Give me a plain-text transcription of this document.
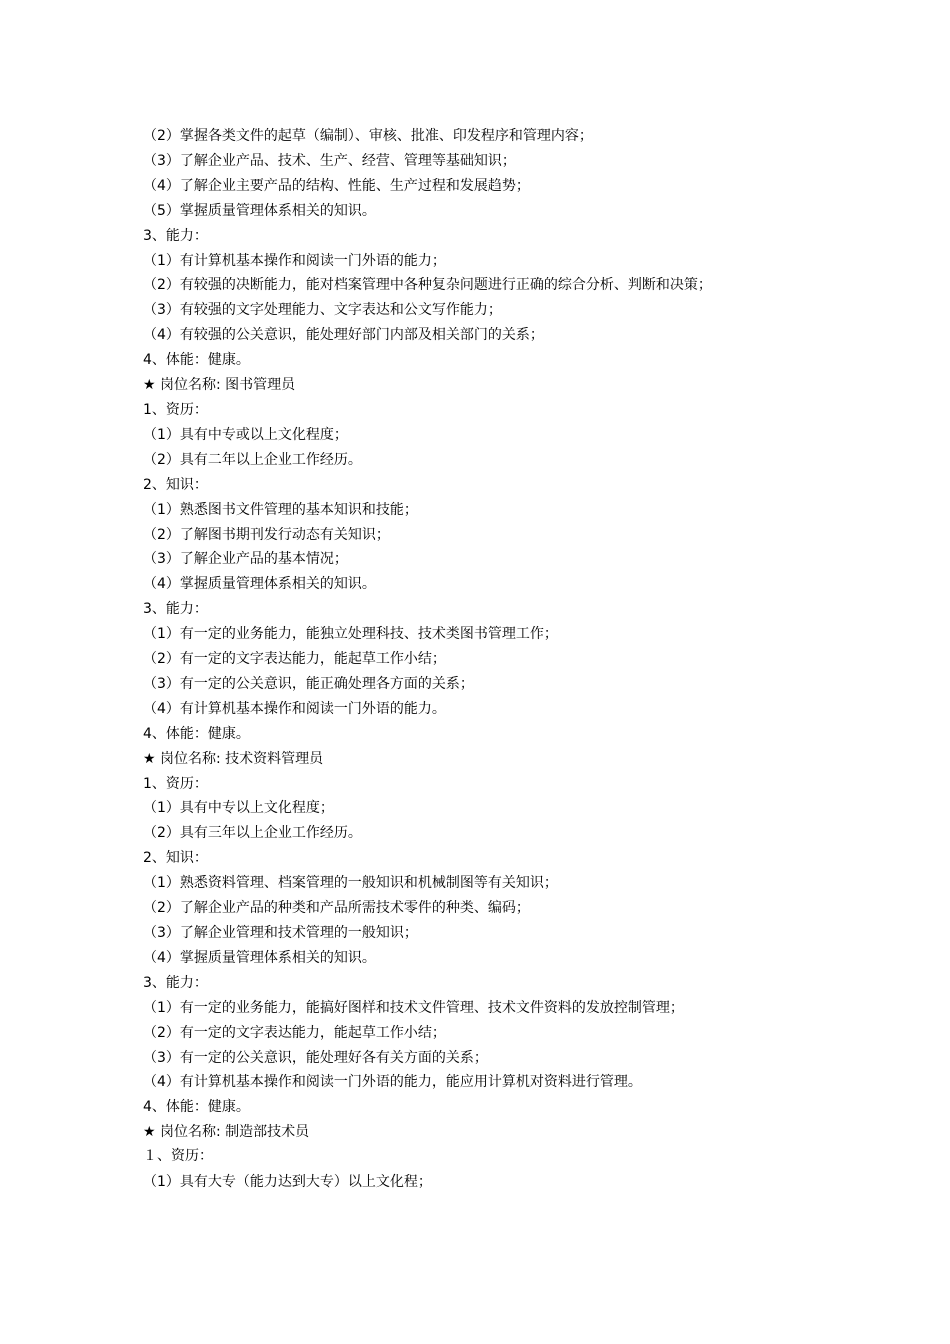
（2）掌握各类文件的起草（编制）、审核、批准、印发程序和管理内容；
（3）了解企业产品、技术、生产、经营、管理等基础知识；
（4）了解企业主要产品的结构、性能、生产过程和发展趋势；
（5）掌握质量管理体系相关的知识。
3、能力：
（1）有计算机基本操作和阅读一门外语的能力；
（2）有较强的决断能力，能对档案管理中各种复杂问题进行正确的综合分析、判断和决策；
（3）有较强的文字处理能力、文字表达和公文写作能力；
（4）有较强的公关意识，能处理好部门内部及相关部门的关系；
4、体能：健康。
★ 岗位名称: 图书管理员
1、资历：
（1）具有中专或以上文化程度；
（2）具有二年以上企业工作经历。
2、知识：
（1）熟悉图书文件管理的基本知识和技能；
（2）了解图书期刊发行动态有关知识；
（3）了解企业产品的基本情况；
（4）掌握质量管理体系相关的知识。
3、能力：
（1）有一定的业务能力，能独立处理科技、技术类图书管理工作；
（2）有一定的文字表达能力，能起草工作小结；
（3）有一定的公关意识，能正确处理各方面的关系；
（4）有计算机基本操作和阅读一门外语的能力。
4、体能：健康。
★ 岗位名称: 技术资料管理员
1、资历：
（1）具有中专以上文化程度；
（2）具有三年以上企业工作经历。
2、知识：
（1）熟悉资料管理、档案管理的一般知识和机械制图等有关知识；
（2）了解企业产品的种类和产品所需技术零件的种类、编码；
（3）了解企业管理和技术管理的一般知识；
（4）掌握质量管理体系相关的知识。
3、能力：
（1）有一定的业务能力，能搞好图样和技术文件管理、技术文件资料的发放控制管理；
（2）有一定的文字表达能力，能起草工作小结；
（3）有一定的公关意识，能处理好各有关方面的关系；
（4）有计算机基本操作和阅读一门外语的能力，能应用计算机对资料进行管理。
4、体能：健康。
★ 岗位名称: 制造部技术员
１、资历：
（1）具有大专（能力达到大专）以上文化程；
